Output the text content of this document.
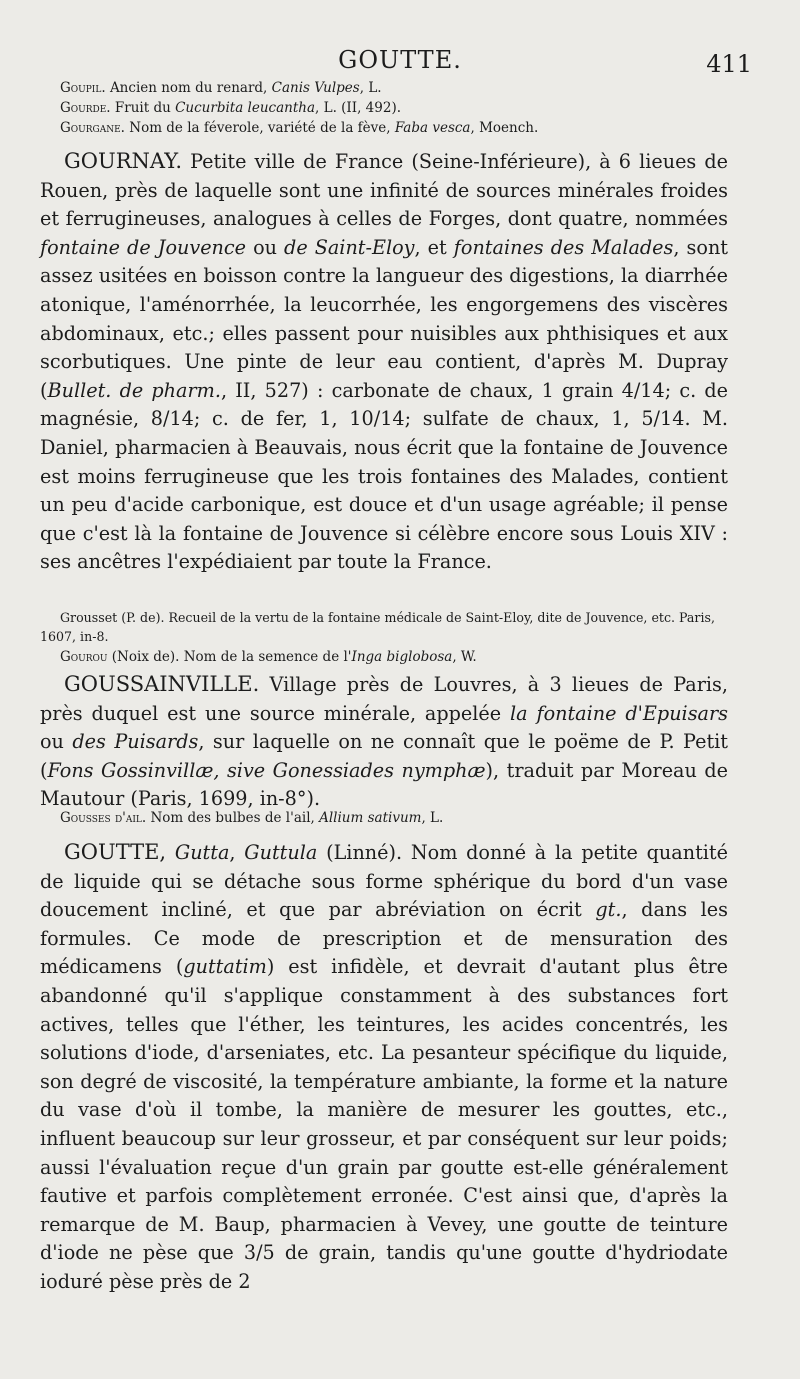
GOUTTE.	411
Goupil. Ancien nom du renard, Canis Vulpes, L.
Gourde. Fruit du Cucurbita leucantha, L. (II, 492).
Gourgane. Nom de la féverole, variété de la fève, Faba vesca, Moench.

GOURNAY. Petite ville de France (Seine-Inférieure), à 6 lieues de Rouen, près de laquelle sont une infinité de sources minérales froides et ferrugineuses, analogues à celles de Forges, dont quatre, nommées fontaine de Jouvence ou de Saint-Eloy, et fontaines des Malades, sont assez usitées en boisson contre la langueur des digestions, la diarrhée atonique, l'aménorrhée, la leucorrhée, les engorgemens des viscères abdominaux, etc.; elles passent pour nuisibles aux phthisiques et aux scorbutiques. Une pinte de leur eau contient, d'après M. Dupray (Bullet. de pharm., II, 527) : carbonate de chaux, 1 grain 4/14; c. de magnésie, 8/14; c. de fer, 1, 10/14; sulfate de chaux, 1, 5/14. M. Daniel, pharmacien à Beauvais, nous écrit que la fontaine de Jouvence est moins ferrugineuse que les trois fontaines des Malades, contient un peu d'acide carbonique, est douce et d'un usage agréable; il pense que c'est là la fontaine de Jouvence si célèbre encore sous Louis XIV : ses ancêtres l'expédiaient par toute la France.

Grousset (P. de). Recueil de la vertu de la fontaine médicale de Saint-Eloy, dite de Jouvence, etc. Paris, 1607, in-8.

Gourou (Noix de). Nom de la semence de l'Inga biglobosa, W.

GOUSSAINVILLE. Village près de Louvres, à 3 lieues de Paris, près duquel est une source minérale, appelée la fontaine d'Epuisars ou des Puisards, sur laquelle on ne connaît que le poëme de P. Petit (Fons Gossinvillæ, sive Gonessiades nymphæ), traduit par Moreau de Mautour (Paris, 1699, in-8°).

Gousses d'ail. Nom des bulbes de l'ail, Allium sativum, L.

GOUTTE, Gutta, Guttula (Linné). Nom donné à la petite quantité de liquide qui se détache sous forme sphérique du bord d'un vase doucement incliné, et que par abréviation on écrit gt., dans les formules. Ce mode de prescription et de mensuration des médicamens (guttatim) est infidèle, et devrait d'autant plus être abandonné qu'il s'applique constamment à des substances fort actives, telles que l'éther, les teintures, les acides concentrés, les solutions d'iode, d'arseniates, etc. La pesanteur spécifique du liquide, son degré de viscosité, la température ambiante, la forme et la nature du vase d'où il tombe, la manière de mesurer les gouttes, etc., influent beaucoup sur leur grosseur, et par conséquent sur leur poids; aussi l'évaluation reçue d'un grain par goutte est-elle généralement fautive et parfois complètement erronée. C'est ainsi que, d'après la remarque de M. Baup, pharmacien à Vevey, une goutte de teinture d'iode ne pèse que 3/5 de grain, tandis qu'une goutte d'hydriodate ioduré pèse près de 2
